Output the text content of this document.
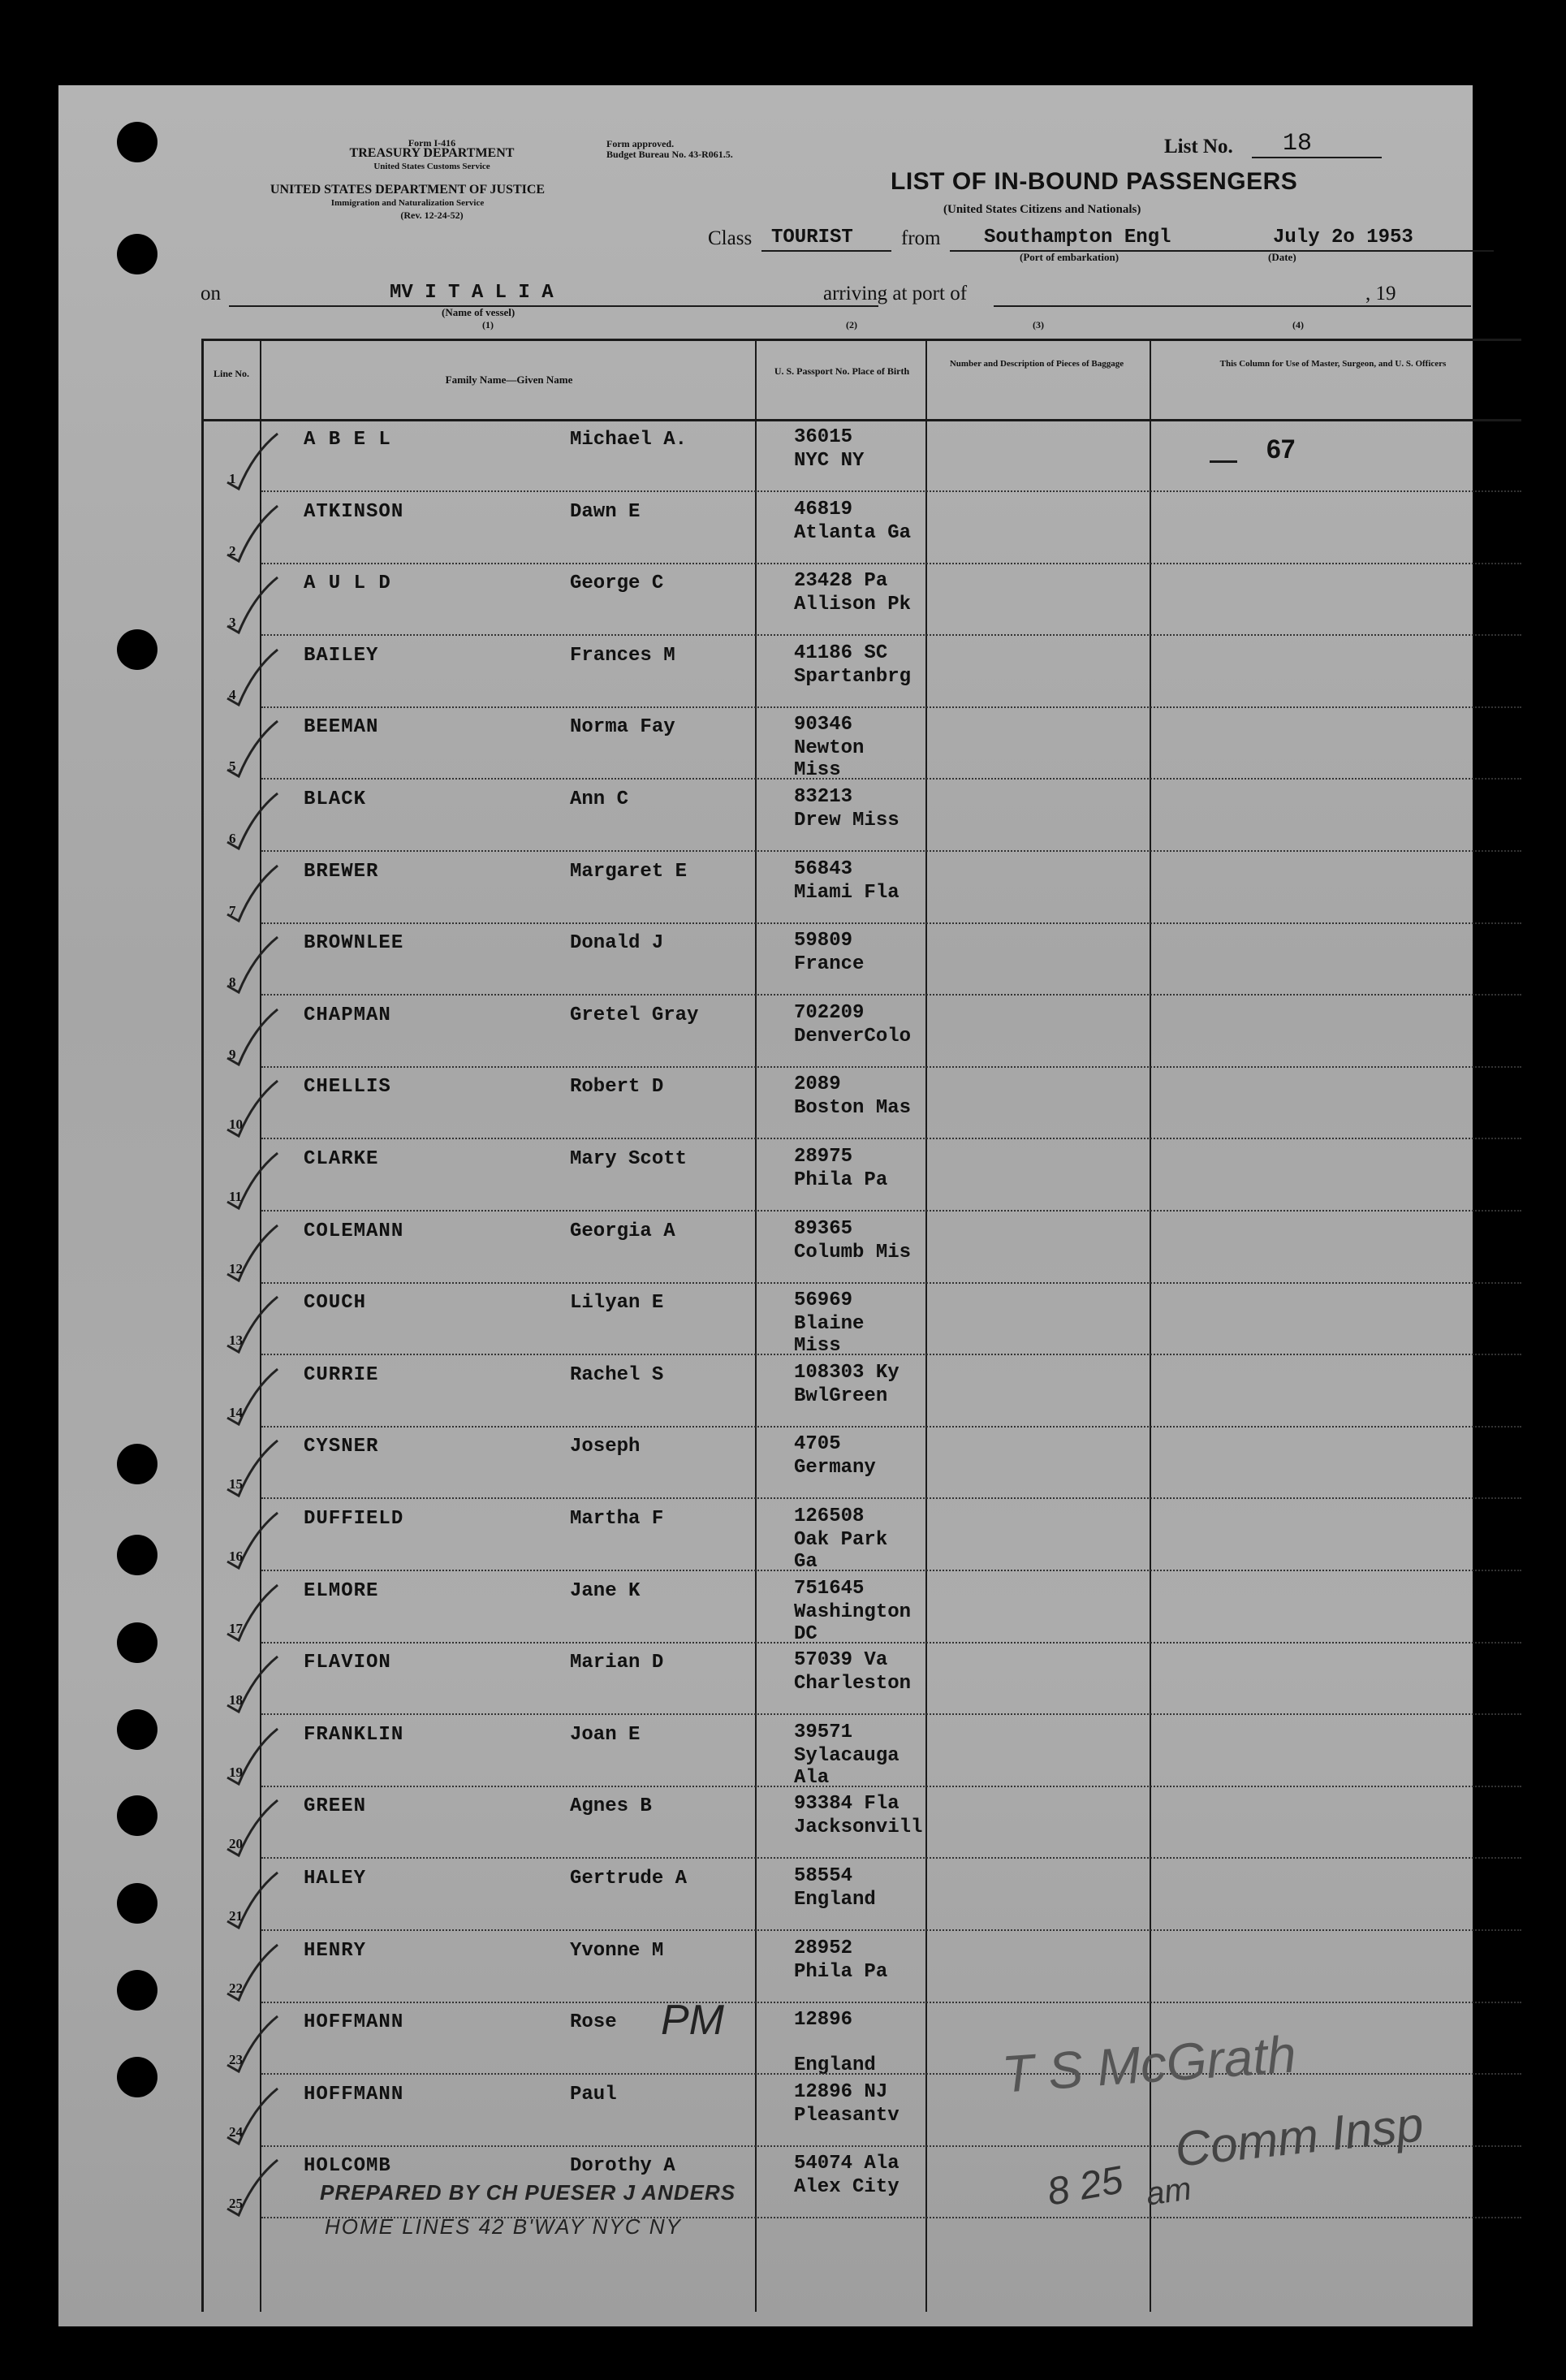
Form I-416
TREASURY DEPARTMENT
United States Customs Service
UNITED STATES DEPARTMENT OF JUSTICE
Immigration and Naturalization Service
(Rev. 12-24-52)
Form approved.
Budget Bureau No. 43-R061.5.	List No. 18
LIST OF IN-BOUND PASSENGERS
(United States Citizens and Nationals)
Class TOURIST from Southampton Engl	July 2o 1953
(Port of embarkation)	(Date)
on	MV I T A L I A
(Name of vessel)
(1)
arriving at port of	, 19
(2)	(3)	(4)
Line No.	Family Name—Given Name
U. S. Passport No. Place of Birth
Number and Description of Pieces of Baggage	This Column for Use of Master, Surgeon, and U. S. Officers
67
1
A B E L	Michael A.	36015
NYC NY
2
ATKINSON	Dawn E	46819
Atlanta Ga
3
A U L D	George C	23428 Pa
Allison Pk
4
BAILEY	Frances M	41186 SC
Spartanbrg
5
BEEMAN	Norma Fay	90346
Newton
Miss
6
BLACK	Ann C	83213
Drew Miss
7
BREWER	Margaret E	56843
Miami Fla
8
BROWNLEE	Donald J	59809
France
9
CHAPMAN	Gretel Gray	702209
DenverColo
10
CHELLIS	Robert D	2089
Boston Mas
11
CLARKE	Mary Scott	28975
Phila Pa
12
COLEMANN	Georgia A	89365
Columb Mis
13
COUCH	Lilyan E	56969
Blaine
Miss
14
CURRIE	Rachel S	108303 Ky
BwlGreen
15
CYSNER	Joseph	4705
Germany
16
DUFFIELD	Martha F	126508
Oak Park
Ga
17
ELMORE	Jane K	751645
Washington
DC
18
FLAVION	Marian D	57039 Va
Charleston
19
FRANKLIN	Joan E	39571
Sylacauga
Ala
20
GREEN	Agnes B	93384 Fla
Jacksonvill
21
HALEY	Gertrude A	58554
England
22
HENRY	Yvonne M	28952
Phila Pa
23
HOFFMANN	Rose	12896
England
24
HOFFMANN	Paul	12896 NJ
Pleasantv
25
HOLCOMB	Dorothy A	54074 Ala
Alex City
PREPARED BY CH PUESER J ANDERS
HOME LINES 42 B'WAY NYC NY
PM
T S McGrath
Comm Insp
8 25 am
